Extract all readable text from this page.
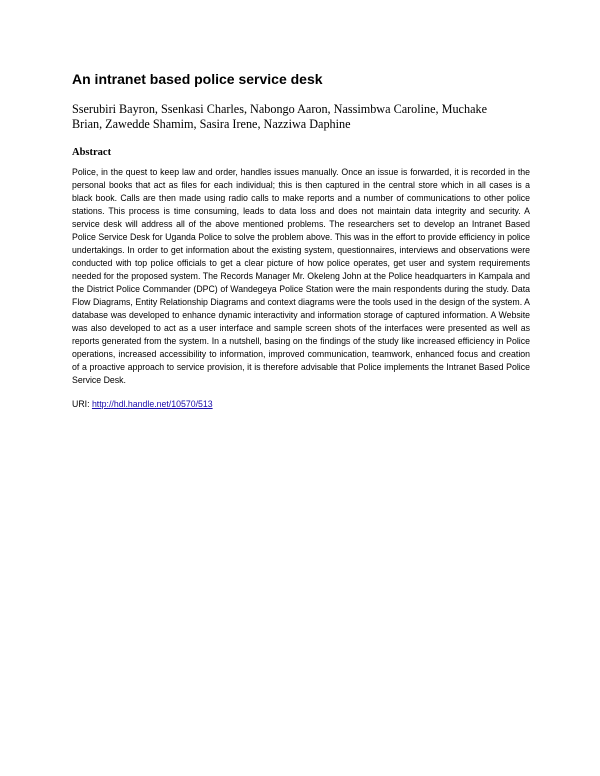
An intranet based police service desk
Sserubiri Bayron, Ssenkasi Charles, Nabongo Aaron, Nassimbwa Caroline, Muchake Brian, Zawedde Shamim, Sasira Irene, Nazziwa Daphine
Abstract
Police, in the quest to keep law and order, handles issues manually. Once an issue is forwarded, it is recorded in the personal books that act as files for each individual; this is then captured in the central store which in all cases is a black book. Calls are then made using radio calls to make reports and a number of communications to other police stations. This process is time consuming, leads to data loss and does not maintain data integrity and security. A service desk will address all of the above mentioned problems. The researchers set to develop an Intranet Based Police Service Desk for Uganda Police to solve the problem above. This was in the effort to provide efficiency in police undertakings. In order to get information about the existing system, questionnaires, interviews and observations were conducted with top police officials to get a clear picture of how police operates, get user and system requirements needed for the proposed system. The Records Manager Mr. Okeleng John at the Police headquarters in Kampala and the District Police Commander (DPC) of Wandegeya Police Station were the main respondents during the study. Data Flow Diagrams, Entity Relationship Diagrams and context diagrams were the tools used in the design of the system. A database was developed to enhance dynamic interactivity and information storage of captured information. A Website was also developed to act as a user interface and sample screen shots of the interfaces were presented as well as reports generated from the system. In a nutshell, basing on the findings of the study like increased efficiency in Police operations, increased accessibility to information, improved communication, teamwork, enhanced focus and creation of a proactive approach to service provision, it is therefore advisable that Police implements the Intranet Based Police Service Desk.
URI: http://hdl.handle.net/10570/513
